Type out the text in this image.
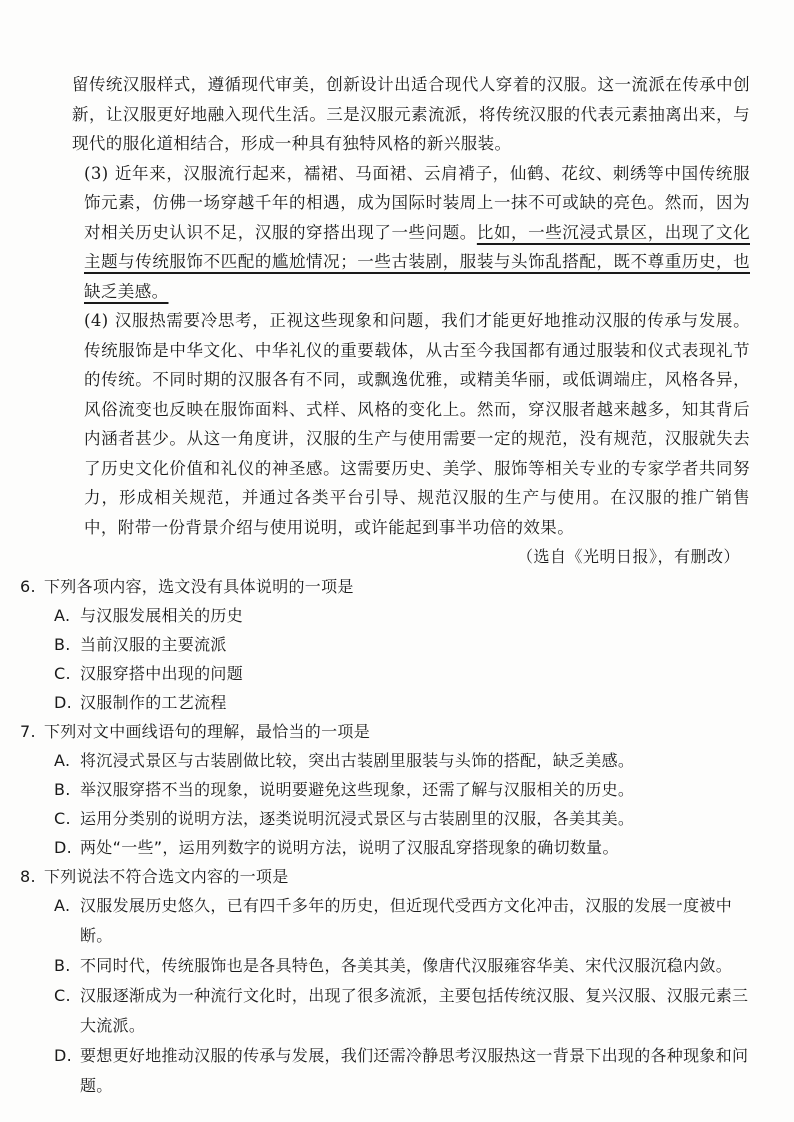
留传统汉服样式，遵循现代审美，创新设计出适合现代人穿着的汉服。这一流派在传承中创新，让汉服更好地融入现代生活。三是汉服元素流派，将传统汉服的代表元素抽离出来，与现代的服化道相结合，形成一种具有独特风格的新兴服装。

(3) 近年来，汉服流行起来，襦裙、马面裙、云肩褙子，仙鹤、花纹、刺绣等中国传统服饰元素，仿佛一场穿越千年的相遇，成为国际时装周上一抹不可或缺的亮色。然而，因为对相关历史认识不足，汉服的穿搭出现了一些问题。比如，一些沉浸式景区，出现了文化主题与传统服饰不匹配的尴尬情况；一些古装剧，服装与头饰乱搭配，既不尊重历史，也缺乏美感。

(4) 汉服热需要冷思考，正视这些现象和问题，我们才能更好地推动汉服的传承与发展。传统服饰是中华文化、中华礼仪的重要载体，从古至今我国都有通过服装和仪式表现礼节的传统。不同时期的汉服各有不同，或飘逸优雅，或精美华丽，或低调端庄，风格各异，风俗流变也反映在服饰面料、式样、风格的变化上。然而，穿汉服者越来越多，知其背后内涵者甚少。从这一角度讲，汉服的生产与使用需要一定的规范，没有规范，汉服就失去了历史文化价值和礼仪的神圣感。这需要历史、美学、服饰等相关专业的专家学者共同努力，形成相关规范，并通过各类平台引导、规范汉服的生产与使用。在汉服的推广销售中，附带一份背景介绍与使用说明，或许能起到事半功倍的效果。

（选自《光明日报》，有删改）

6. 下列各项内容，选文没有具体说明的一项是

A. 与汉服发展相关的历史
B. 当前汉服的主要流派
C. 汉服穿搭中出现的问题
D. 汉服制作的工艺流程

7. 下列对文中画线语句的理解，最恰当的一项是

A. 将沉浸式景区与古装剧做比较，突出古装剧里服装与头饰的搭配，缺乏美感。
B. 举汉服穿搭不当的现象，说明要避免这些现象，还需了解与汉服相关的历史。
C. 运用分类别的说明方法，逐类说明沉浸式景区与古装剧里的汉服，各美其美。
D. 两处“一些”，运用列数字的说明方法，说明了汉服乱穿搭现象的确切数量。

8. 下列说法不符合选文内容的一项是

A. 汉服发展历史悠久，已有四千多年的历史，但近现代受西方文化冲击，汉服的发展一度被中断。
B. 不同时代，传统服饰也是各具特色，各美其美，像唐代汉服雍容华美、宋代汉服沉稳内敛。
C. 汉服逐渐成为一种流行文化时，出现了很多流派，主要包括传统汉服、复兴汉服、汉服元素三大流派。
D. 要想更好地推动汉服的传承与发展，我们还需冷静思考汉服热这一背景下出现的各种现象和问题。
